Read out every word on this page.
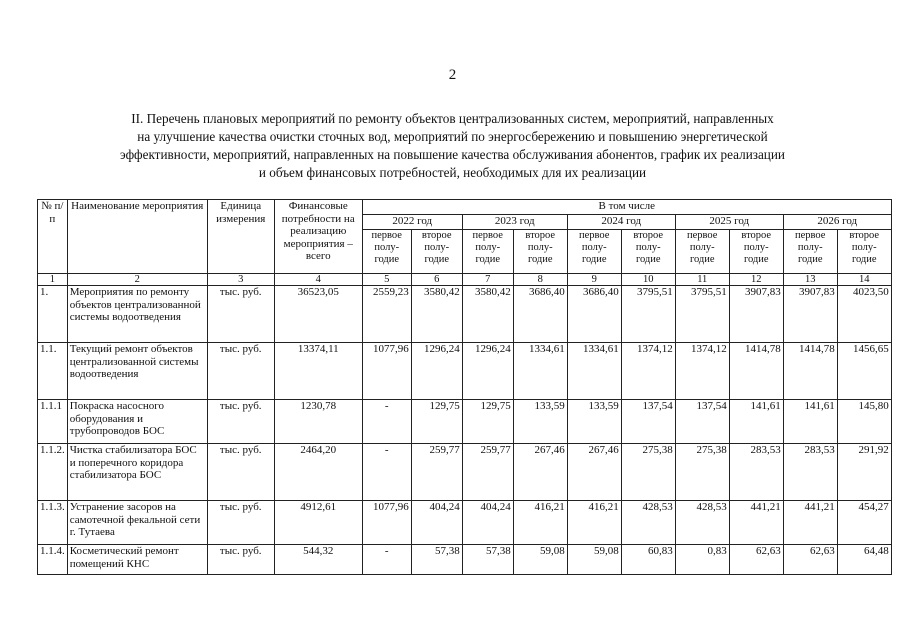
2
II. Перечень плановых мероприятий по ремонту объектов централизованных систем, мероприятий, направленных
на улучшение качества очистки сточных вод, мероприятий по энергосбережению и повышению энергетической
эффективности, мероприятий, направленных на повышение качества обслуживания абонентов, график их реализации
и объем финансовых потребностей, необходимых для их реализации
№ п/п	Наименование мероприятия	Единица измерения	Финансовые потребности на реализацию мероприятия – всего	В том числе									
				2022 год		2023 год		2024 год		2025 год		2026 год	
				первое полу-годие	второе полу-годие	первое полу-годие	второе полу-годие	первое полу-годие	второе полу-годие	первое полу-годие	второе полу-годие	первое полу-годие	второе полу-годие
1	2	3	4	5	6	7	8	9	10	11	12	13	14
1.	Мероприятия по ремонту объектов централизованной системы водоотведения	тыс. руб.	36523,05	2559,23	3580,42	3580,42	3686,40	3686,40	3795,51	3795,51	3907,83	3907,83	4023,50
1.1.	Текущий ремонт объектов централизованной системы водоотведения	тыс. руб.	13374,11	1077,96	1296,24	1296,24	1334,61	1334,61	1374,12	1374,12	1414,78	1414,78	1456,65
1.1.1	Покраска насосного оборудования и трубопроводов БОС	тыс. руб.	1230,78	-	129,75	129,75	133,59	133,59	137,54	137,54	141,61	141,61	145,80
1.1.2.	Чистка стабилизатора БОС и поперечного коридора стабилизатора БОС	тыс. руб.	2464,20	-	259,77	259,77	267,46	267,46	275,38	275,38	283,53	283,53	291,92
1.1.3.	Устранение засоров на самотечной фекальной сети г. Тутаева	тыс. руб.	4912,61	1077,96	404,24	404,24	416,21	416,21	428,53	428,53	441,21	441,21	454,27
1.1.4.	Косметический ремонт помещений КНС	тыс. руб.	544,32	-	57,38	57,38	59,08	59,08	60,83	0,83	62,63	62,63	64,48
